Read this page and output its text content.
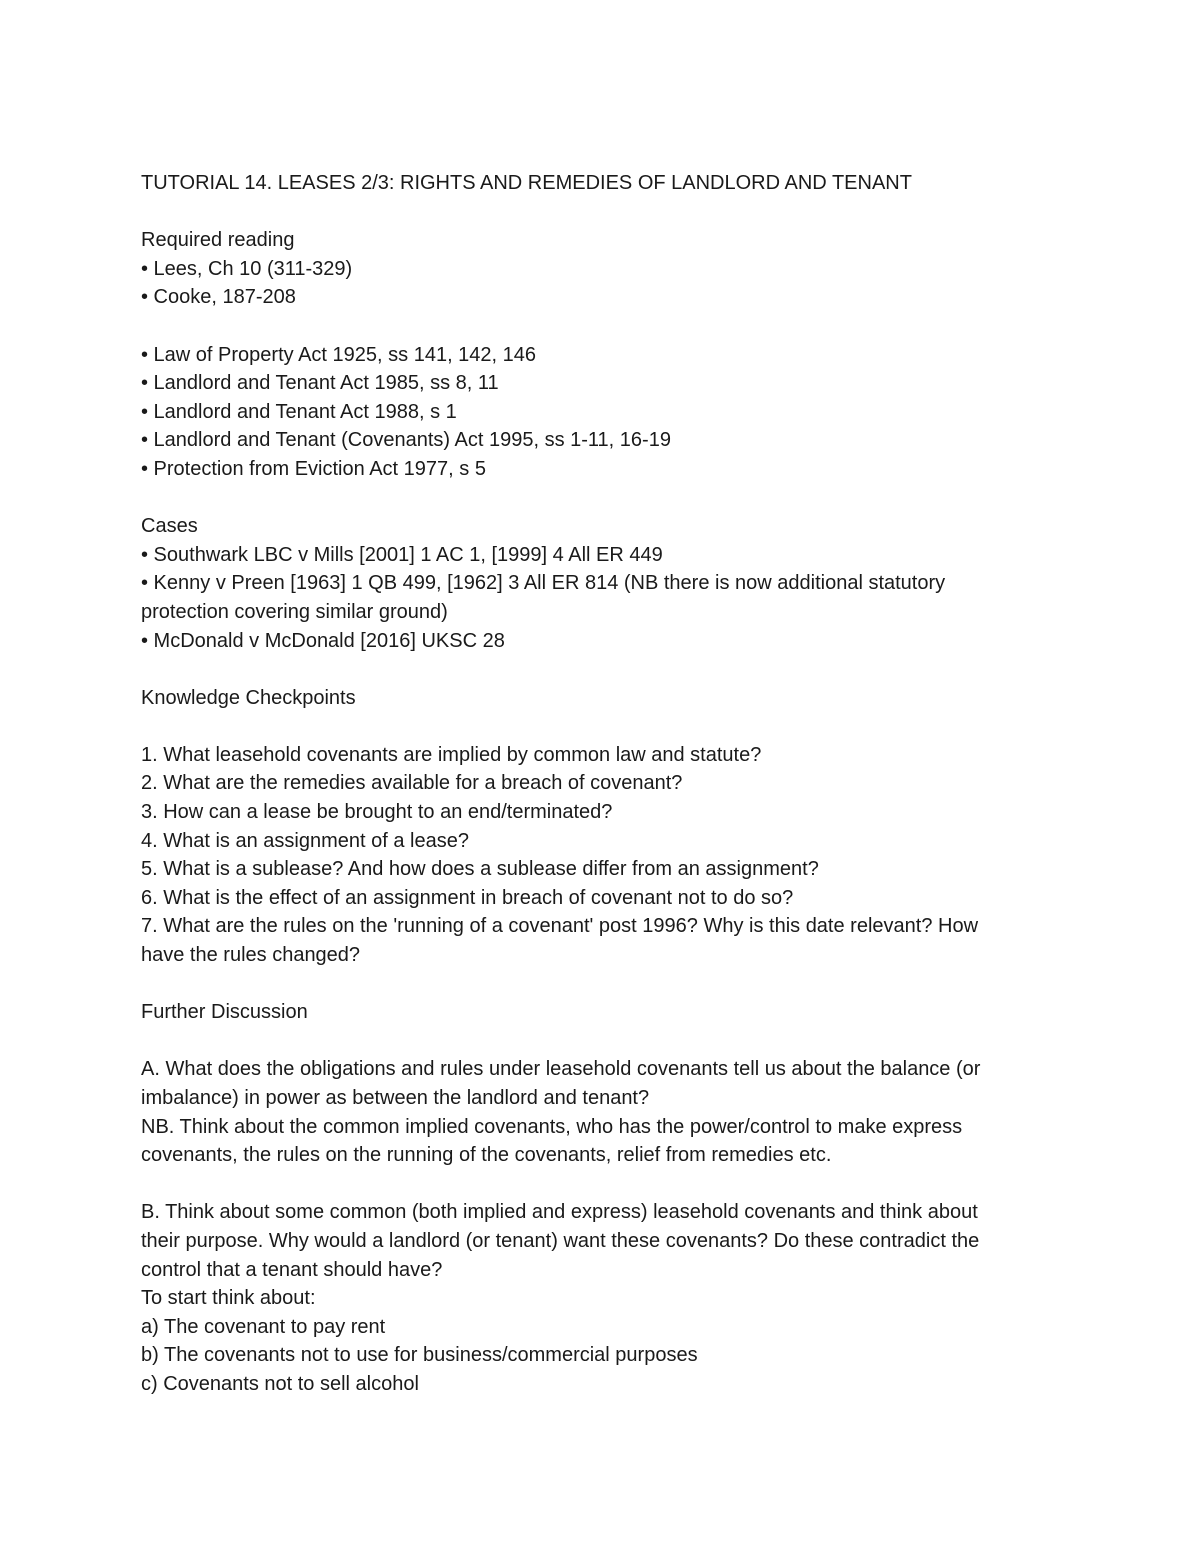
TUTORIAL 14. LEASES 2/3: RIGHTS AND REMEDIES OF LANDLORD AND TENANT
Required reading
• Lees, Ch 10 (311-329)
• Cooke, 187-208
• Law of Property Act 1925, ss 141, 142, 146
• Landlord and Tenant Act 1985, ss 8, 11
• Landlord and Tenant Act 1988, s 1
• Landlord and Tenant (Covenants) Act 1995, ss 1-11, 16-19
• Protection from Eviction Act 1977, s 5
Cases
• Southwark LBC v Mills [2001] 1 AC 1, [1999] 4 All ER 449
• Kenny v Preen [1963] 1 QB 499, [1962] 3 All ER 814 (NB there is now additional statutory
protection covering similar ground)
• McDonald v McDonald [2016] UKSC 28
Knowledge Checkpoints
1. What leasehold covenants are implied by common law and statute?
2. What are the remedies available for a breach of covenant?
3. How can a lease be brought to an end/terminated?
4. What is an assignment of a lease?
5. What is a sublease? And how does a sublease differ from an assignment?
6. What is the effect of an assignment in breach of covenant not to do so?
7. What are the rules on the 'running of a covenant' post 1996? Why is this date relevant? How
have the rules changed?
Further Discussion
A. What does the obligations and rules under leasehold covenants tell us about the balance (or
imbalance) in power as between the landlord and tenant?
NB. Think about the common implied covenants, who has the power/control to make express
covenants, the rules on the running of the covenants, relief from remedies etc.
B. Think about some common (both implied and express) leasehold covenants and think about
their purpose. Why would a landlord (or tenant) want these covenants? Do these contradict the
control that a tenant should have?
To start think about:
a) The covenant to pay rent
b) The covenants not to use for business/commercial purposes
c) Covenants not to sell alcohol
